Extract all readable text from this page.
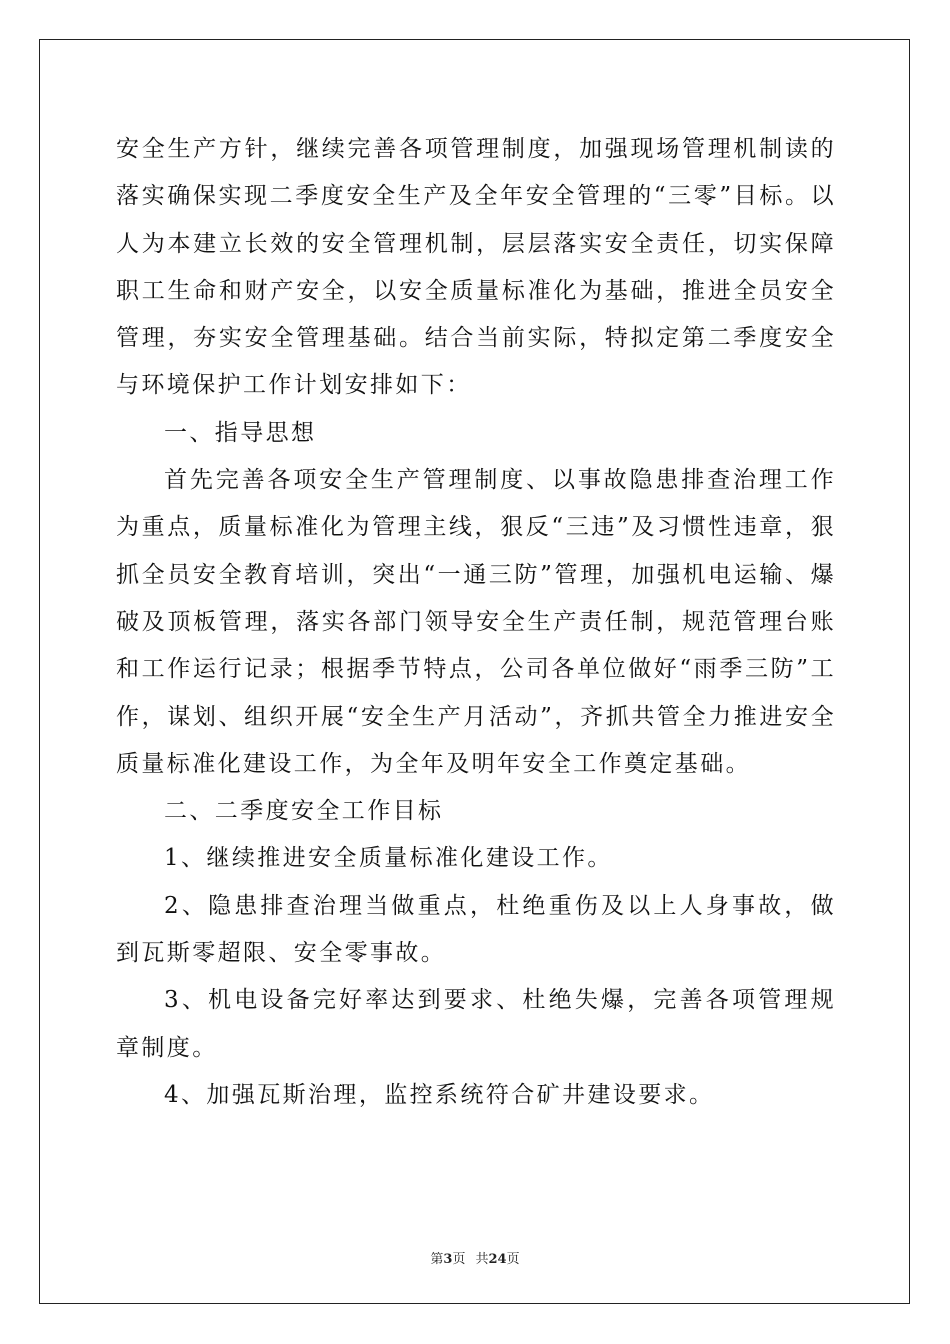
安全生产方针，继续完善各项管理制度，加强现场管理机制读的落实确保实现二季度安全生产及全年安全管理的“三零”目标。以人为本建立长效的安全管理机制，层层落实安全责任，切实保障职工生命和财产安全，以安全质量标准化为基础，推进全员安全管理，夯实安全管理基础。结合当前实际，特拟定第二季度安全与环境保护工作计划安排如下：

一、指导思想

首先完善各项安全生产管理制度、以事故隐患排查治理工作为重点，质量标准化为管理主线，狠反“三违”及习惯性违章，狠抓全员安全教育培训，突出“一通三防”管理，加强机电运输、爆破及顶板管理，落实各部门领导安全生产责任制，规范管理台账和工作运行记录；根据季节特点，公司各单位做好“雨季三防”工作，谋划、组织开展“安全生产月活动”，齐抓共管全力推进安全质量标准化建设工作，为全年及明年安全工作奠定基础。

二、二季度安全工作目标

1、继续推进安全质量标准化建设工作。

2、隐患排查治理当做重点，杜绝重伤及以上人身事故，做到瓦斯零超限、安全零事故。

3、机电设备完好率达到要求、杜绝失爆，完善各项管理规章制度。

4、加强瓦斯治理，监控系统符合矿井建设要求。

第3页 共24页
